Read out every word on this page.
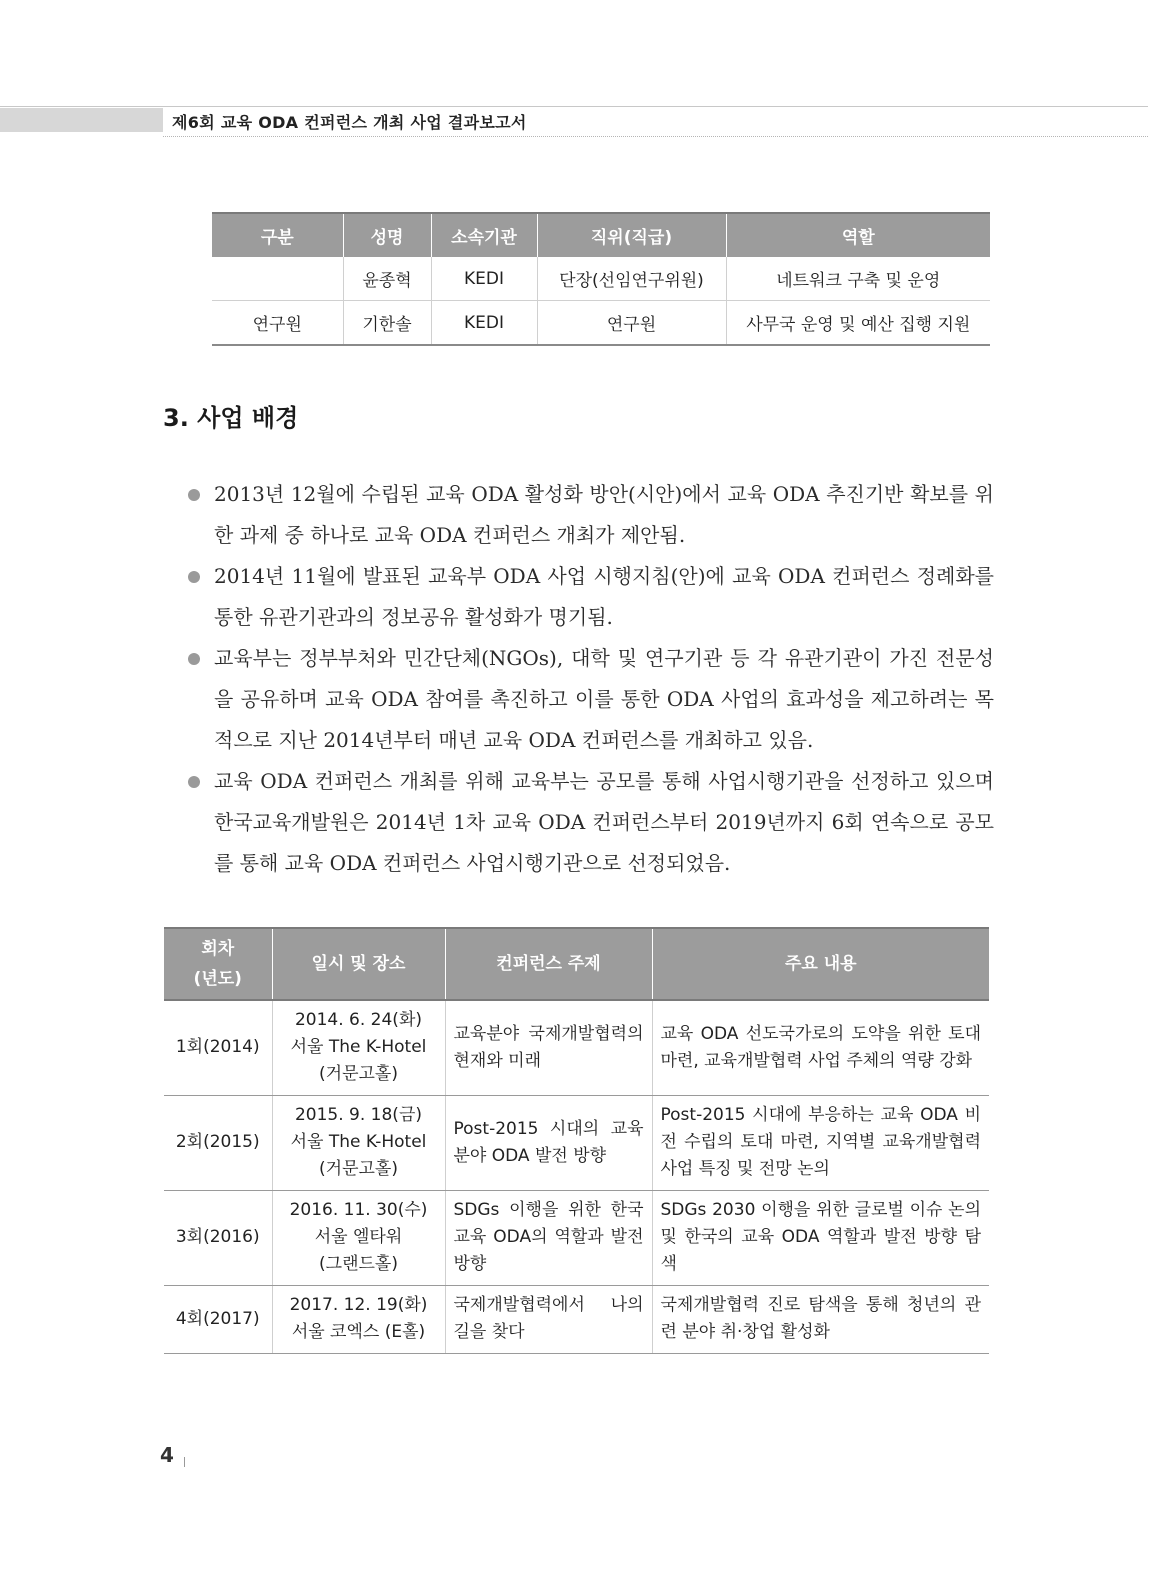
제6회 교육 ODA 컨퍼런스 개최 사업 결과보고서
구분	성명	소속기관	직위(직급)	역할
	윤종혁	KEDI	단장(선임연구위원)	네트워크 구축 및 운영
연구원	기한솔	KEDI	연구원	사무국 운영 및 예산 집행 지원
3. 사업 배경
2013년 12월에 수립된 교육 ODA 활성화 방안(시안)에서 교육 ODA 추진기반 확보를 위한 과제 중 하나로 교육 ODA 컨퍼런스 개최가 제안됨.
2014년 11월에 발표된 교육부 ODA 사업 시행지침(안)에 교육 ODA 컨퍼런스 정례화를 통한 유관기관과의 정보공유 활성화가 명기됨.
교육부는 정부부처와 민간단체(NGOs), 대학 및 연구기관 등 각 유관기관이 가진 전문성을 공유하며 교육 ODA 참여를 촉진하고 이를 통한 ODA 사업의 효과성을 제고하려는 목적으로 지난 2014년부터 매년 교육 ODA 컨퍼런스를 개최하고 있음.
교육 ODA 컨퍼런스 개최를 위해 교육부는 공모를 통해 사업시행기관을 선정하고 있으며 한국교육개발원은 2014년 1차 교육 ODA 컨퍼런스부터 2019년까지 6회 연속으로 공모를 통해 교육 ODA 컨퍼런스 사업시행기관으로 선정되었음.
회차
(년도)	일시 및 장소	컨퍼런스 주제	주요 내용
1회(2014)	2014. 6. 24(화)
서울 The K-Hotel
(거문고홀)	교육분야 국제개발협력의 현재와 미래	교육 ODA 선도국가로의 도약을 위한 토대 마련, 교육개발협력 사업 주체의 역량 강화
2회(2015)	2015. 9. 18(금)
서울 The K-Hotel
(거문고홀)	Post-2015 시대의 교육 분야 ODA 발전 방향	Post-2015 시대에 부응하는 교육 ODA 비전 수립의 토대 마련, 지역별 교육개발협력 사업 특징 및 전망 논의
3회(2016)	2016. 11. 30(수)
서울 엘타워
(그랜드홀)	SDGs 이행을 위한 한국 교육 ODA의 역할과 발전 방향	SDGs 2030 이행을 위한 글로벌 이슈 논의 및 한국의 교육 ODA 역할과 발전 방향 탐색
4회(2017)	2017. 12. 19(화)
서울 코엑스 (E홀)	국제개발협력에서 나의 길을 찾다	국제개발협력 진로 탐색을 통해 청년의 관련 분야 취·창업 활성화
4
